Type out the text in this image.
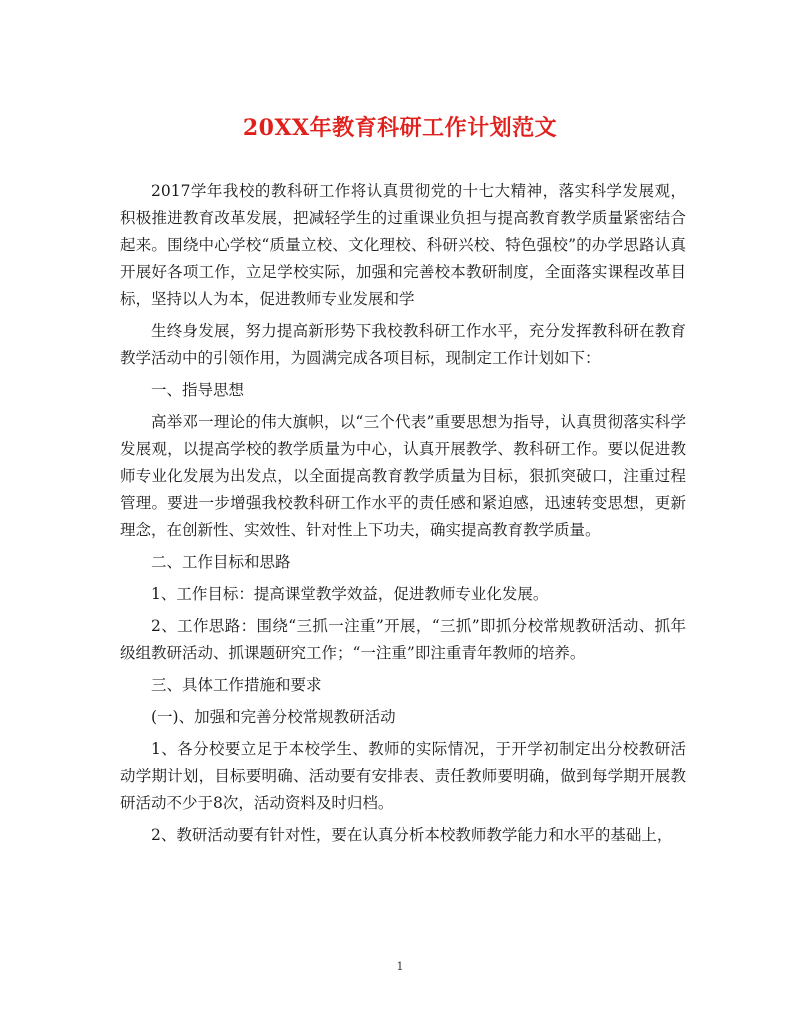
20XX年教育科研工作计划范文

2017学年我校的教科研工作将认真贯彻党的十七大精神，落实科学发展观，积极推进教育改革发展，把减轻学生的过重课业负担与提高教育教学质量紧密结合起来。围绕中心学校“质量立校、文化理校、科研兴校、特色强校”的办学思路认真开展好各项工作，立足学校实际，加强和完善校本教研制度，全面落实课程改革目标，坚持以人为本，促进教师专业发展和学

生终身发展，努力提高新形势下我校教科研工作水平，充分发挥教科研在教育教学活动中的引领作用，为圆满完成各项目标，现制定工作计划如下：

一、指导思想

高举邓一理论的伟大旗帜，以“三个代表”重要思想为指导，认真贯彻落实科学发展观，以提高学校的教学质量为中心，认真开展教学、教科研工作。要以促进教师专业化发展为出发点，以全面提高教育教学质量为目标，狠抓突破口，注重过程管理。要进一步增强我校教科研工作水平的责任感和紧迫感，迅速转变思想，更新理念，在创新性、实效性、针对性上下功夫，确实提高教育教学质量。

二、工作目标和思路

1、工作目标：提高课堂教学效益，促进教师专业化发展。

2、工作思路：围绕“三抓一注重”开展，“三抓”即抓分校常规教研活动、抓年级组教研活动、抓课题研究工作；“一注重”即注重青年教师的培养。

三、具体工作措施和要求

(一)、加强和完善分校常规教研活动

1、各分校要立足于本校学生、教师的实际情况，于开学初制定出分校教研活动学期计划，目标要明确、活动要有安排表、责任教师要明确，做到每学期开展教研活动不少于8次，活动资料及时归档。

2、教研活动要有针对性，要在认真分析本校教师教学能力和水平的基础上，

1
